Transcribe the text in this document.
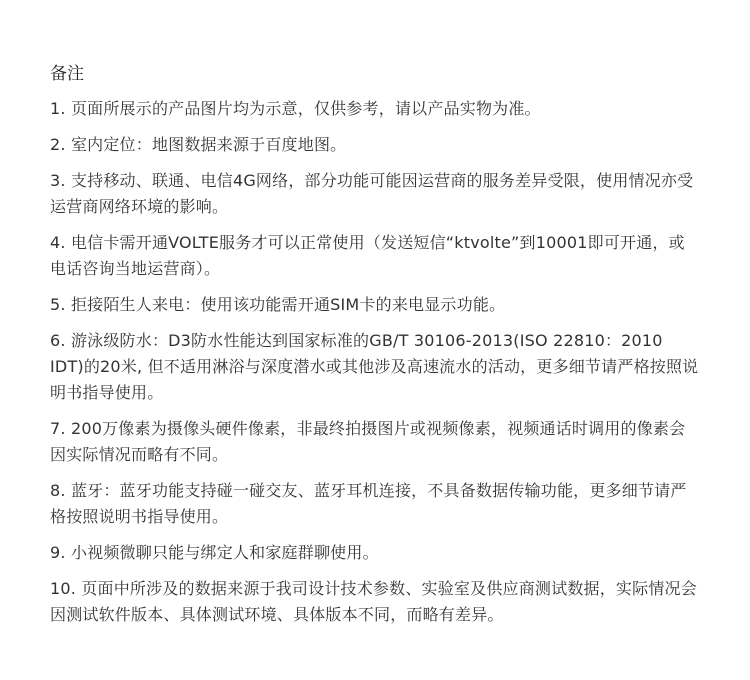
备注
1. 页面所展示的产品图片均为示意，仅供参考，请以产品实物为准。
2. 室内定位：地图数据来源于百度地图。
3. 支持移动、联通、电信4G网络，部分功能可能因运营商的服务差异受限，使用情况亦受运营商网络环境的影响。
4. 电信卡需开通VOLTE服务才可以正常使用（发送短信“ktvolte”到10001即可开通，或电话咨询当地运营商）。
5. 拒接陌生人来电：使用该功能需开通SIM卡的来电显示功能。
6. 游泳级防水：D3防水性能达到国家标准的GB/T 30106-2013(ISO 22810：2010 IDT)的20米, 但不适用淋浴与深度潜水或其他涉及高速流水的活动，更多细节请严格按照说明书指导使用。
7. 200万像素为摄像头硬件像素，非最终拍摄图片或视频像素，视频通话时调用的像素会因实际情况而略有不同。
8. 蓝牙：蓝牙功能支持碰一碰交友、蓝牙耳机连接，不具备数据传输功能，更多细节请严格按照说明书指导使用。
9. 小视频微聊只能与绑定人和家庭群聊使用。
10. 页面中所涉及的数据来源于我司设计技术参数、实验室及供应商测试数据，实际情况会因测试软件版本、具体测试环境、具体版本不同，而略有差异。
